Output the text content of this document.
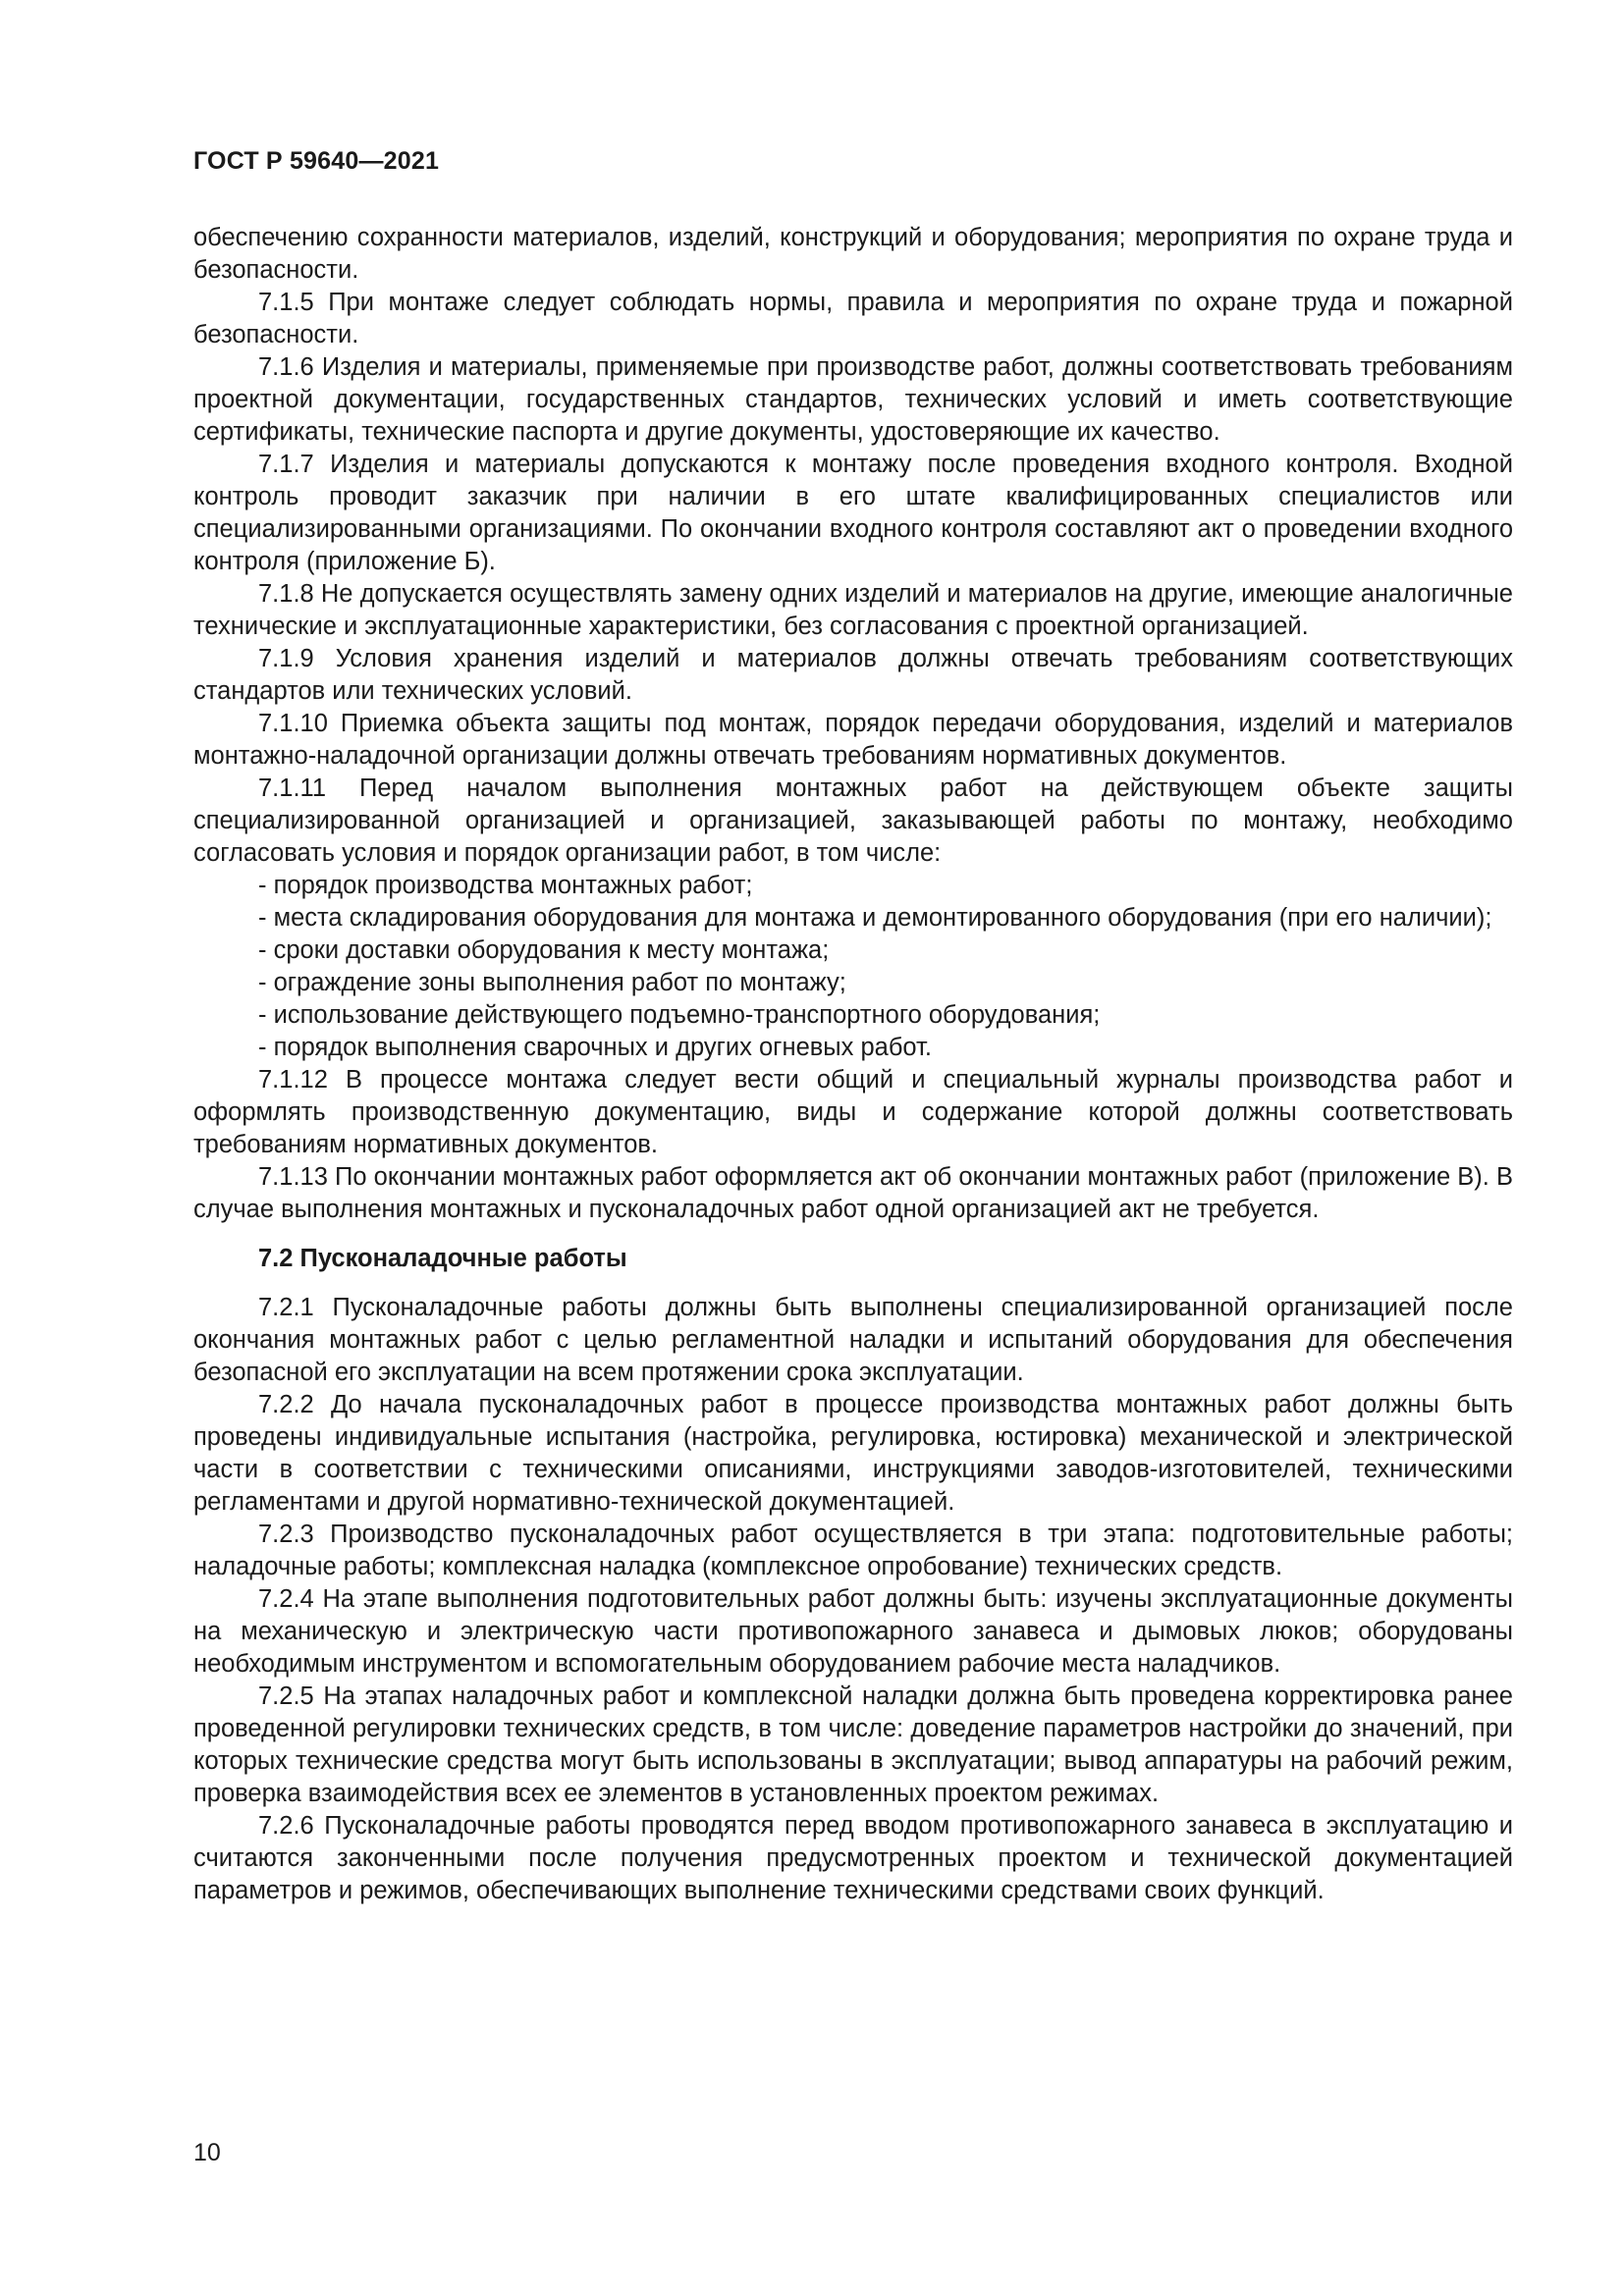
ГОСТ Р 59640—2021

обеспечению сохранности материалов, изделий, конструкций и оборудования; мероприятия по охране труда и безопасности.

7.1.5 При монтаже следует соблюдать нормы, правила и мероприятия по охране труда и пожарной безопасности.

7.1.6 Изделия и материалы, применяемые при производстве работ, должны соответствовать требованиям проектной документации, государственных стандартов, технических условий и иметь соответствующие сертификаты, технические паспорта и другие документы, удостоверяющие их качество.

7.1.7 Изделия и материалы допускаются к монтажу после проведения входного контроля. Входной контроль проводит заказчик при наличии в его штате квалифицированных специалистов или специализированными организациями. По окончании входного контроля составляют акт о проведении входного контроля (приложение Б).

7.1.8 Не допускается осуществлять замену одних изделий и материалов на другие, имеющие аналогичные технические и эксплуатационные характеристики, без согласования с проектной организацией.

7.1.9 Условия хранения изделий и материалов должны отвечать требованиям соответствующих стандартов или технических условий.

7.1.10 Приемка объекта защиты под монтаж, порядок передачи оборудования, изделий и материалов монтажно-наладочной организации должны отвечать требованиям нормативных документов.

7.1.11 Перед началом выполнения монтажных работ на действующем объекте защиты специализированной организацией и организацией, заказывающей работы по монтажу, необходимо согласовать условия и порядок организации работ, в том числе:

- порядок производства монтажных работ;

- места складирования оборудования для монтажа и демонтированного оборудования (при его наличии);

- сроки доставки оборудования к месту монтажа;

- ограждение зоны выполнения работ по монтажу;

- использование действующего подъемно-транспортного оборудования;

- порядок выполнения сварочных и других огневых работ.

7.1.12 В процессе монтажа следует вести общий и специальный журналы производства работ и оформлять производственную документацию, виды и содержание которой должны соответствовать требованиям нормативных документов.

7.1.13 По окончании монтажных работ оформляется акт об окончании монтажных работ (приложение В). В случае выполнения монтажных и пусконаладочных работ одной организацией акт не требуется.

7.2 Пусконаладочные работы

7.2.1 Пусконаладочные работы должны быть выполнены специализированной организацией после окончания монтажных работ с целью регламентной наладки и испытаний оборудования для обеспечения безопасной его эксплуатации на всем протяжении срока эксплуатации.

7.2.2 До начала пусконаладочных работ в процессе производства монтажных работ должны быть проведены индивидуальные испытания (настройка, регулировка, юстировка) механической и электрической части в соответствии с техническими описаниями, инструкциями заводов-изготовителей, техническими регламентами и другой нормативно-технической документацией.

7.2.3 Производство пусконаладочных работ осуществляется в три этапа: подготовительные работы; наладочные работы; комплексная наладка (комплексное опробование) технических средств.

7.2.4 На этапе выполнения подготовительных работ должны быть: изучены эксплуатационные документы на механическую и электрическую части противопожарного занавеса и дымовых люков; оборудованы необходимым инструментом и вспомогательным оборудованием рабочие места наладчиков.

7.2.5 На этапах наладочных работ и комплексной наладки должна быть проведена корректировка ранее проведенной регулировки технических средств, в том числе: доведение параметров настройки до значений, при которых технические средства могут быть использованы в эксплуатации; вывод аппаратуры на рабочий режим, проверка взаимодействия всех ее элементов в установленных проектом режимах.

7.2.6 Пусконаладочные работы проводятся перед вводом противопожарного занавеса в эксплуатацию и считаются законченными после получения предусмотренных проектом и технической документацией параметров и режимов, обеспечивающих выполнение техническими средствами своих функций.

10
